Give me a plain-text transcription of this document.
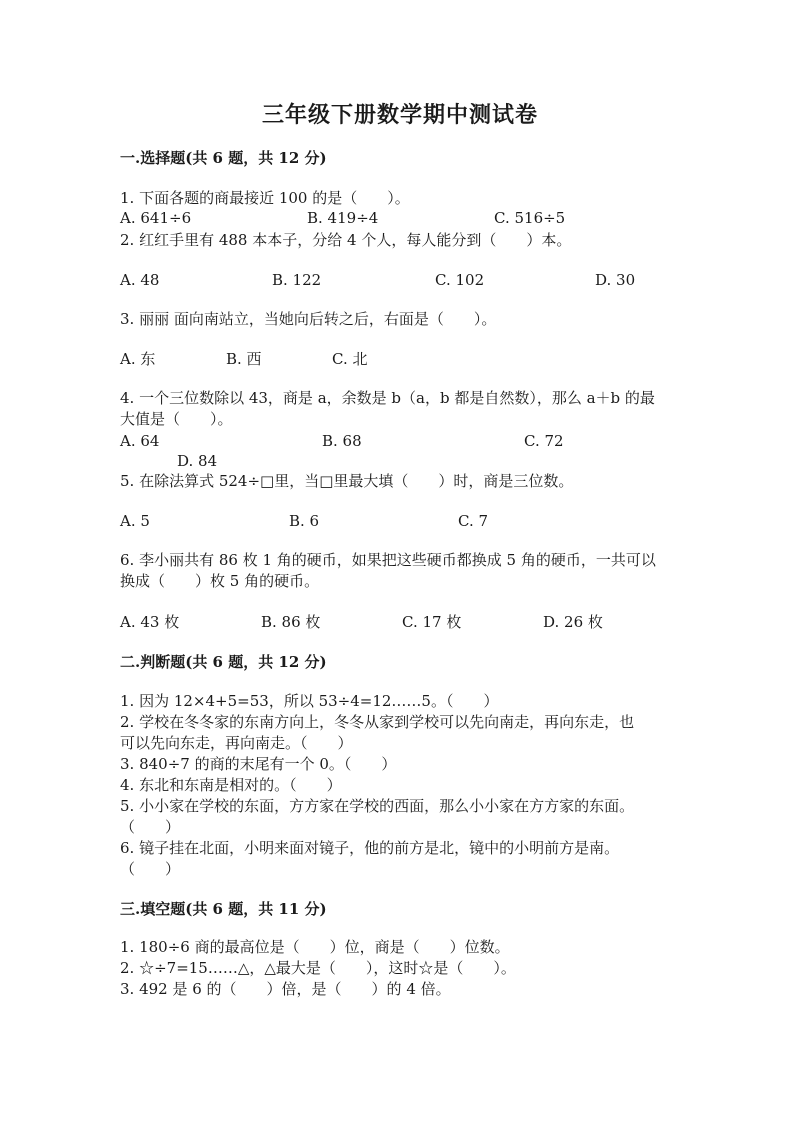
三年级下册数学期中测试卷
一.选择题(共 6 题，共 12 分)
1. 下面各题的商最接近 100 的是（　　）。
A. 641÷6	B. 419÷4	C. 516÷5
2. 红红手里有 488 本本子，分给 4 个人，每人能分到（　　）本。
A. 48	B. 122	C. 102	D. 30
3. 丽丽 面向南站立，当她向后转之后，右面是（　　）。
A. 东	B. 西	C. 北
4. 一个三位数除以 43，商是 a，余数是 b（a，b 都是自然数），那么 a＋b 的最
大值是（　　）。
A. 64	B. 68	C. 72
D. 84
5. 在除法算式 524÷□里，当□里最大填（　　）时，商是三位数。
A. 5	B. 6	C. 7
6. 李小丽共有 86 枚 1 角的硬币，如果把这些硬币都换成 5 角的硬币，一共可以
换成（　　）枚 5 角的硬币。
A. 43 枚	B. 86 枚	C. 17 枚	D. 26 枚
二.判断题(共 6 题，共 12 分)
1. 因为 12×4+5=53，所以 53÷4=12……5。（　　）
2. 学校在冬冬家的东南方向上，冬冬从家到学校可以先向南走，再向东走，也
可以先向东走，再向南走。（　　）
3. 840÷7 的商的末尾有一个 0。（　　）
4. 东北和东南是相对的。（　　）
5. 小小家在学校的东面，方方家在学校的西面，那么小小家在方方家的东面。
（　　）
6. 镜子挂在北面，小明来面对镜子，他的前方是北，镜中的小明前方是南。
（　　）
三.填空题(共 6 题，共 11 分)
1. 180÷6 商的最高位是（　　）位，商是（　　）位数。
2. ☆÷7=15……△，△最大是（　　），这时☆是（　　）。
3. 492 是 6 的（　　）倍，是（　　）的 4 倍。
